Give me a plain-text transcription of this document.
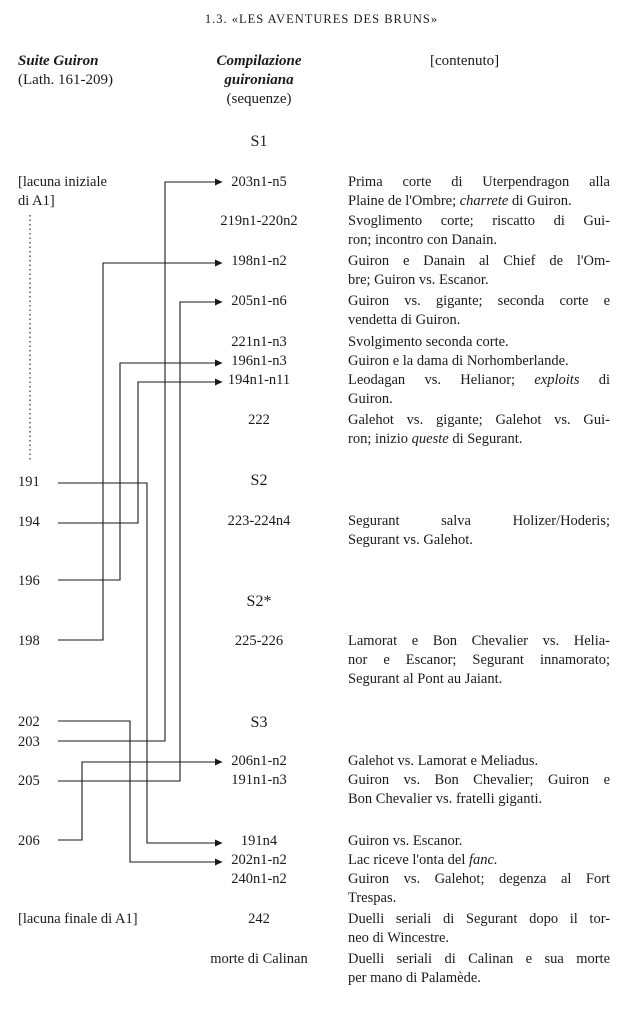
1.3. «LES AVENTURES DES BRUNS»
Suite Guiron
(Lath. 161-209)
Compilazione
guironiana
(sequenze)
[contenuto]
S1
S2
S2*
S3
[lacuna iniziale
di A1]
[lacuna finale di A1]
191
194
196
198
202
203
205
206
203n1-n5	Prima corte di Uterpendragon alla
Plaine de l'Ombre; charrete di Guiron.
219n1-220n2	Svoglimento corte; riscatto di Gui-
ron; incontro con Danain.
198n1-n2	Guiron e Danain al Chief de l'Om-
bre; Guiron vs. Escanor.
205n1-n6	Guiron vs. gigante; seconda corte e
vendetta di Guiron.
221n1-n3	Svolgimento seconda corte.
196n1-n3	Guiron e la dama di Norhomberlande.
194n1-n11	Leodagan vs. Helianor; exploits di
Guiron.
222	Galehot vs. gigante; Galehot vs. Gui-
ron; inizio queste di Segurant.
223-224n4	Segurant	salva	Holizer/Hoderis;
Segurant vs. Galehot.
225-226	Lamorat e Bon Chevalier vs. Helia-
nor e Escanor; Segurant innamorato;
Segurant al Pont au Jaiant.
206n1-n2	Galehot vs. Lamorat e Meliadus.
191n1-n3	Guiron vs. Bon Chevalier; Guiron e
Bon Chevalier vs. fratelli giganti.
191n4	Guiron vs. Escanor.
202n1-n2	Lac riceve l'onta del fanc.
240n1-n2	Guiron vs. Galehot; degenza al Fort
Trespas.
242	Duelli seriali di Segurant dopo il tor-
neo di Wincestre.
morte di Calinan	Duelli seriali di Calinan e sua morte
per mano di Palamède.
